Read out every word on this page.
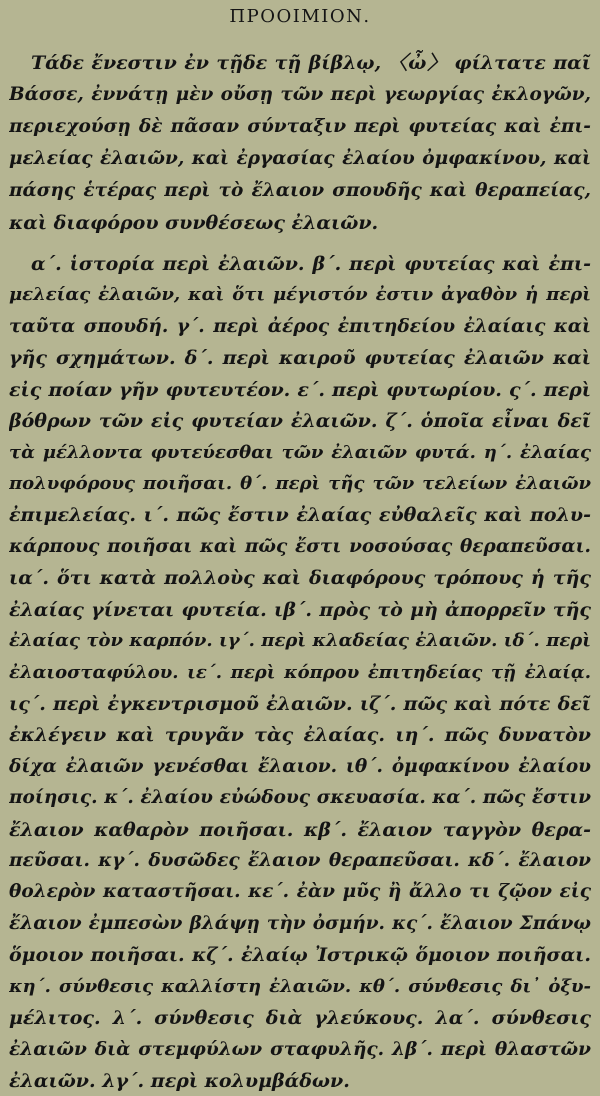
ΠΡΟΟΙΜΙΟΝ.
Τάδε ἔνεστιν ἐν τῇδε τῇ βίβλῳ, 〈ὦ〉 φίλτατε παῖ
Βάσσε, ἐννάτῃ μὲν οὔσῃ τῶν περὶ γεωργίας ἐκλογῶν,
περιεχούσῃ δὲ πᾶσαν σύνταξιν περὶ φυτείας καὶ ἐπι-
μελείας ἐλαιῶν, καὶ ἐργασίας ἐλαίου ὀμφακίνου, καὶ
πάσης ἑτέρας περὶ τὸ ἔλαιον σπουδῆς καὶ θεραπείας,
καὶ διαφόρου συνθέσεως ἐλαιῶν.
α΄. ἱστορία περὶ ἐλαιῶν. β΄. περὶ φυτείας καὶ ἐπι-
μελείας ἐλαιῶν, καὶ ὅτι μέγιστόν ἐστιν ἀγαθὸν ἡ περὶ
ταῦτα σπουδή. γ΄. περὶ ἀέρος ἐπιτηδείου ἐλαίαις καὶ
γῆς σχημάτων. δ΄. περὶ καιροῦ φυτείας ἐλαιῶν καὶ
εἰς ποίαν γῆν φυτευτέον. ε΄. περὶ φυτωρίου. ς΄. περὶ
βόθρων τῶν εἰς φυτείαν ἐλαιῶν. ζ΄. ὁποῖα εἶναι δεῖ
τὰ μέλλοντα φυτεύεσθαι τῶν ἐλαιῶν φυτά. η΄. ἐλαίας
πολυφόρους ποιῆσαι. θ΄. περὶ τῆς τῶν τελείων ἐλαιῶν
ἐπιμελείας. ι΄. πῶς ἔστιν ἐλαίας εὐθαλεῖς καὶ πολυ-
κάρπους ποιῆσαι καὶ πῶς ἔστι νοσούσας θεραπεῦσαι.
ια΄. ὅτι κατὰ πολλοὺς καὶ διαφόρους τρόπους ἡ τῆς
ἐλαίας γίνεται φυτεία. ιβ΄. πρὸς τὸ μὴ ἀπορρεῖν τῆς
ἐλαίας τὸν καρπόν. ιγ΄. περὶ κλαδείας ἐλαιῶν. ιδ΄. περὶ
ἐλαιοσταφύλου. ιε΄. περὶ κόπρου ἐπιτηδείας τῇ ἐλαίᾳ.
ις΄. περὶ ἐγκεντρισμοῦ ἐλαιῶν. ιζ΄. πῶς καὶ πότε δεῖ
ἐκλέγειν καὶ τρυγᾶν τὰς ἐλαίας. ιη΄. πῶς δυνατὸν
δίχα ἐλαιῶν γενέσθαι ἔλαιον. ιθ΄. ὀμφακίνου ἐλαίου
ποίησις. κ΄. ἐλαίου εὐώδους σκευασία. κα΄. πῶς ἔστιν
ἔλαιον καθαρὸν ποιῆσαι. κβ΄. ἔλαιον ταγγὸν θερα-
πεῦσαι. κγ΄. δυσῶδες ἔλαιον θεραπεῦσαι. κδ΄. ἔλαιον
θολερὸν καταστῆσαι. κε΄. ἐὰν μῦς ἢ ἄλλο τι ζῷον εἰς
ἔλαιον ἐμπεσὼν βλάψῃ τὴν ὀσμήν. κς΄. ἔλαιον Σπάνῳ
ὅμοιον ποιῆσαι. κζ΄. ἐλαίῳ Ἰστρικῷ ὅμοιον ποιῆσαι.
κη΄. σύνθεσις καλλίστη ἐλαιῶν. κθ΄. σύνθεσις δι᾿ ὀξυ-
μέλιτος. λ΄. σύνθεσις διὰ γλεύκους. λα΄. σύνθεσις
ἐλαιῶν διὰ στεμφύλων σταφυλῆς. λβ΄. περὶ θλαστῶν
ἐλαιῶν. λγ΄. περὶ κολυμβάδων.
